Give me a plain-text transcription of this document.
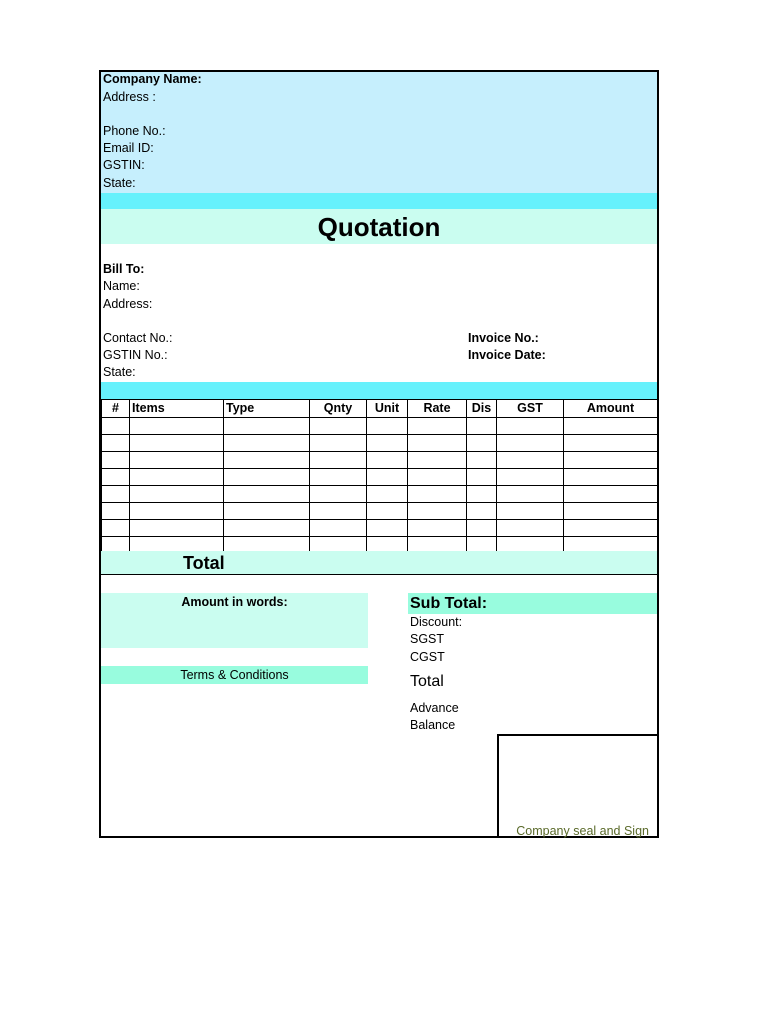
Company Name:
Address :
Phone No.:
Email ID:
GSTIN:
State:
Quotation
Bill To:
Name:
Address:
Contact No.:
GSTIN No.:
State:
Invoice No.:
Invoice Date:
#	Items	Type	Qnty	Unit	Rate	Dis	GST	Amount

Total
Amount in words:
Terms & Conditions
Sub Total:
Discount:
SGST
CGST
Total
Advance
Balance
Company seal and Sign
